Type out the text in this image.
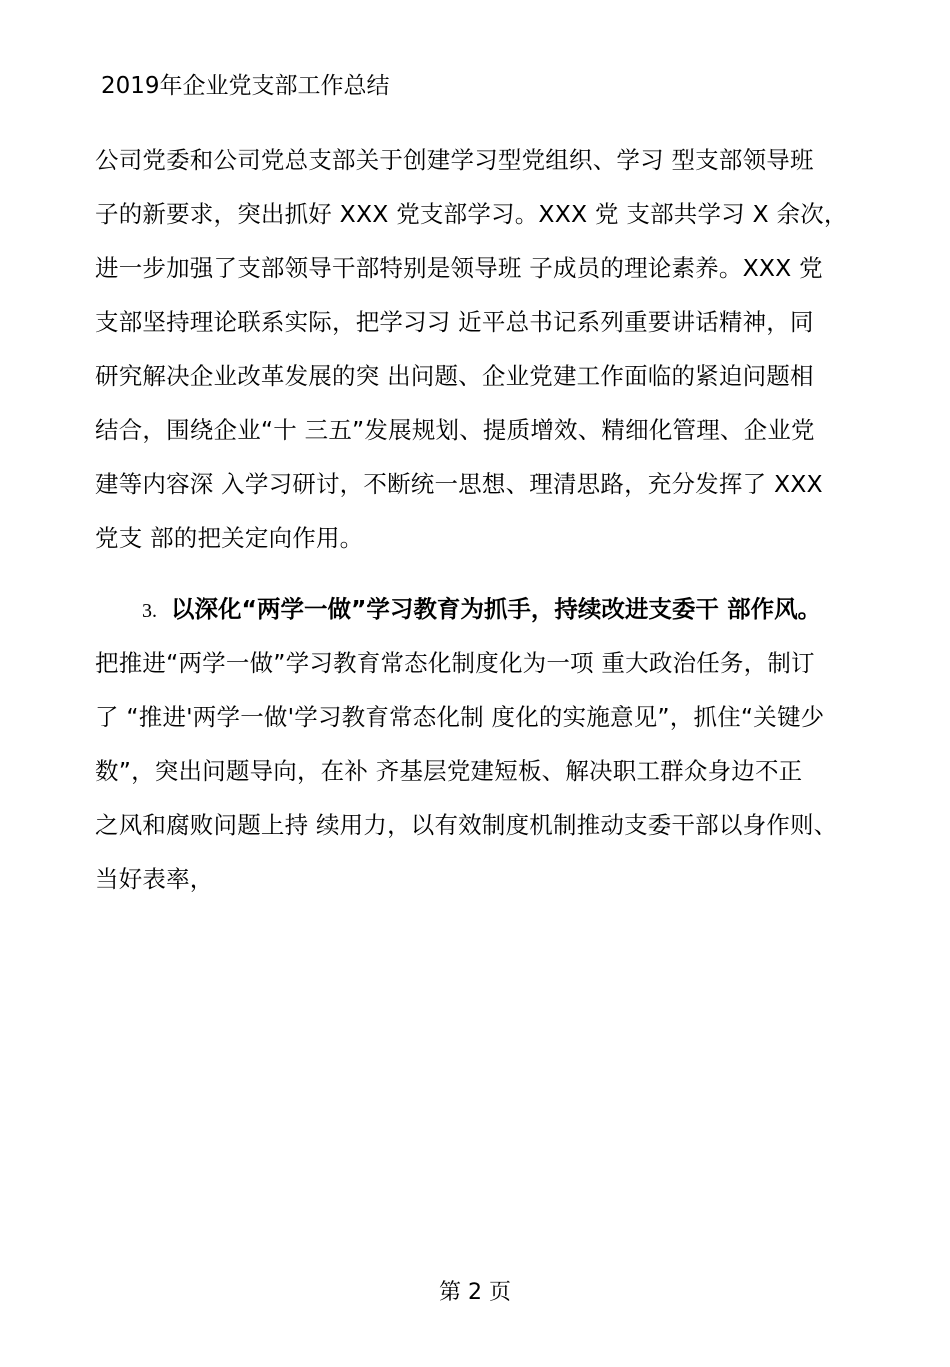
2019年企业党支部工作总结
公司党委和公司党总支部关于创建学习型党组织、学习 型支部领导班
子的新要求，突出抓好 XXX 党支部学习。XXX 党 支部共学习 X 余次，
进一步加强了支部领导干部特别是领导班 子成员的理论素养。XXX 党
支部坚持理论联系实际，把学习习 近平总书记系列重要讲话精神，同
研究解决企业改革发展的突 出问题、企业党建工作面临的紧迫问题相
结合，围绕企业“十 三五”发展规划、提质增效、精细化管理、企业党
建等内容深 入学习研讨，不断统一思想、理清思路，充分发挥了 XXX
党支 部的把关定向作用。
3. 以深化“两学一做”学习教育为抓手，持续改进支委干 部作风。
把推进“两学一做”学习教育常态化制度化为一项 重大政治任务，制订
了 “推进'两学一做'学习教育常态化制 度化的实施意见”，抓住“关键少
数”，突出问题导向，在补 齐基层党建短板、解决职工群众身边不正
之风和腐败问题上持 续用力，以有效制度机制推动支委干部以身作则、
当好表率，
第 2 页
